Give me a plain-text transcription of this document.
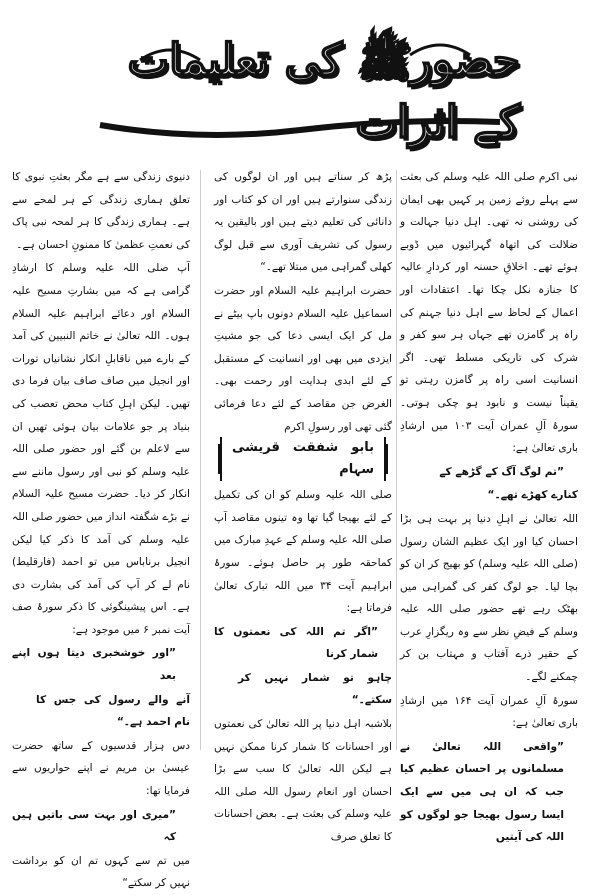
حضورﷺ کی تعلیمات کے اثرات

نبی اکرم صلی اللہ علیہ وسلم کی بعثت سے پہلے روئے زمین پر کہیں بھی ایمان کی روشنی نہ تھی۔ اہل دنیا جہالت و ضلالت کی اتھاہ گہرائیوں میں ڈوبے ہوئے تھے۔ اخلاقِ حسنہ اور کردارِ عالیہ کا جنازہ نکل چکا تھا۔ اعتقادات اور اعمال کے لحاظ سے اہل دنیا جہنم کی راہ پر گامزن تھے جہاں ہر سو کفر و شرک کی تاریکی مسلط تھی۔ اگر انسانیت اسی راہ پر گامزن رہتی تو یقیناً نیست و نابود ہو چکی ہوتی۔ سورۂ آلِ عمران آیت ۱۰۳ میں ارشادِ باری تعالیٰ ہے:

”تم لوگ آگ کے گڑھے کے

کنارے کھڑے تھے۔“

اللہ تعالیٰ نے اہلِ دنیا پر بہت ہی بڑا احسان کیا اور ایک عظیم الشان رسول (صلی اللہ علیہ وسلم) کو بھیج کر ان کو بچا لیا۔ جو لوگ کفر کی گمراہی میں بھٹک رہے تھے حضور صلی اللہ علیہ وسلم کے فیضِ نظر سے وہ ریگزارِ عرب کے حقیر ذرے آفتاب و مہتاب بن کر چمکنے لگے۔

سورۂ آلِ عمران آیت ۱۶۴ میں ارشادِ باری تعالیٰ ہے:

”واقعی اللہ تعالیٰ نے مسلمانوں پر احسان عظیم کیا جب کہ ان ہی میں سے ایک ایسا رسول بھیجا جو لوگوں کو اللہ کی آیتیں

پڑھ کر سناتے ہیں اور ان لوگوں کی زندگی سنوارتے ہیں اور ان کو کتاب اور دانائی کی تعلیم دیتے ہیں اور بالیقین یہ رسول کی تشریف آوری سے قبل لوگ کھلی گمراہی میں مبتلا تھے۔“

حضرت ابراہیم علیہ السلام اور حضرت اسماعیل علیہ السلام دونوں باپ بیٹے نے مل کر ایک ایسی دعا کی جو مشیتِ ایزدی میں بھی اور انسانیت کے مستقبل کے لئے ابدی ہدایت اور رحمت بھی۔ الغرض جن مقاصد کے لئے دعا فرمائی گئی تھی اور رسولِ اکرم

بابو شفقت قریشی سہام

صلی اللہ علیہ وسلم کو ان کی تکمیل کے لئے بھیجا گیا تھا وہ تینوں مقاصد آپ صلی اللہ علیہ وسلم کے عہدِ مبارک میں کماحقہ طور پر حاصل ہوئے۔ سورۂ ابراہیم آیت ۳۴ میں اللہ تبارک تعالیٰ فرماتا ہے:

”اگر تم اللہ کی نعمتوں کا شمار کرنا

چاہو تو شمار نہیں کر سکتے۔“

بلاشبہ اہل دنیا پر اللہ تعالیٰ کی نعمتوں اور احسانات کا شمار کرنا ممکن نہیں ہے لیکن اللہ تعالیٰ کا سب سے بڑا احسان اور انعام رسول اللہ صلی اللہ علیہ وسلم کی بعثت ہے۔ بعض احسانات کا تعلق صرف

دنیوی زندگی سے ہے مگر بعثتِ نبوی کا تعلق ہماری زندگی کے ہر لمحے سے ہے۔ ہماری زندگی کا ہر لمحہ نبی پاک کی نعمتِ عظمیٰ کا ممنونِ احسان ہے۔

آپ صلی اللہ علیہ وسلم کا ارشادِ گرامی ہے کہ میں بشارتِ مسیح علیہ السلام اور دعائے ابراہیم علیہ السلام ہوں۔ اللہ تعالیٰ نے خاتم النبیین کی آمد کے بارے میں ناقابلِ انکار نشانیاں تورات اور انجیل میں صاف صاف بیان فرما دی تھیں۔ لیکن اہلِ کتاب محض تعصب کی بنیاد پر جو علامات بیان ہوئی تھیں ان سے لاعلم بن گئے اور حضور صلی اللہ علیہ وسلم کو نبی اور رسول ماننے سے انکار کر دیا۔ حضرت مسیح علیہ السلام نے بڑے شگفتہ انداز میں حضور صلی اللہ علیہ وسلم کی آمد کا ذکر کیا لیکن انجیل برناباس میں تو احمد (فارقلیط) نام لے کر آپ کی آمد کی بشارت دی ہے۔ اس پیشینگوئی کا ذکر سورۂ صف آیت نمبر ۶ میں موجود ہے:

”اور خوشخبری دیتا ہوں اپنے بعد

آنے والے رسول کی جس کا نام احمد ہے۔“

دس ہزار قدسیوں کے ساتھ حضرت عیسیٰ بن مریم نے اپنے حواریوں سے فرمایا تھا:

”میری اور بہت سی باتیں ہیں کہ

میں تم سے کہوں تم ان کو برداشت نہیں کر سکتے“
